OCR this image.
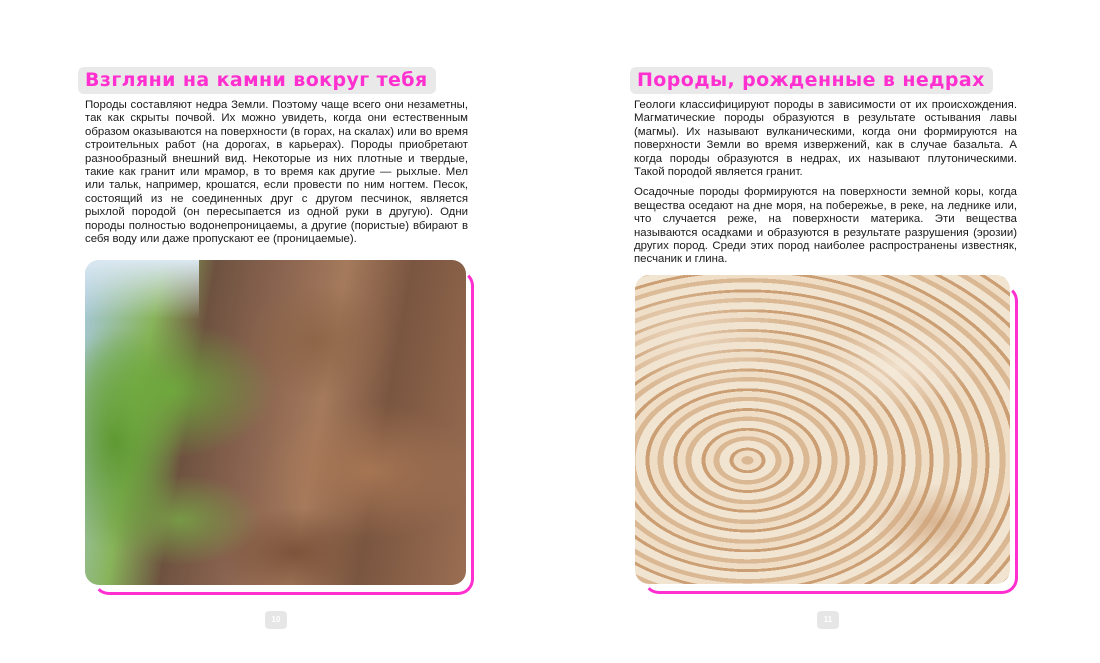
Взгляни на камни вокруг тебя

Породы составляют недра Земли. Поэтому чаще всего они незаметны, так как скрыты почвой. Их можно увидеть, когда они естественным образом оказываются на поверхности (в горах, на скалах) или во время строительных работ (на дорогах, в карьерах). Породы приобретают разнообразный внешний вид. Некоторые из них плотные и твердые, такие как гранит или мрамор, в то время как другие — рыхлые. Мел или тальк, например, крошатся, если провести по ним ногтем. Песок, состоящий из не соединенных друг с другом песчинок, является рыхлой породой (он пересыпается из одной руки в другую). Одни породы полностью водонепроницаемы, а другие (пористые) вбирают в себя воду или даже пропускают ее (проницаемые).

10
Породы, рожденные в недрах

Геологи классифицируют породы в зависимости от их происхождения. Магматические породы образуются в результате остывания лавы (магмы). Их называют вулканическими, когда они формируются на поверхности Земли во время извержений, как в случае базальта. А когда породы образуются в недрах, их называют плутоническими. Такой породой является гранит.

Осадочные породы формируются на поверхности земной коры, когда вещества оседают на дне моря, на побережье, в реке, на леднике или, что случается реже, на поверхности материка. Эти вещества называются осадками и образуются в результате разрушения (эрозии) других пород. Среди этих пород наиболее распространены известняк, песчаник и глина.

11
